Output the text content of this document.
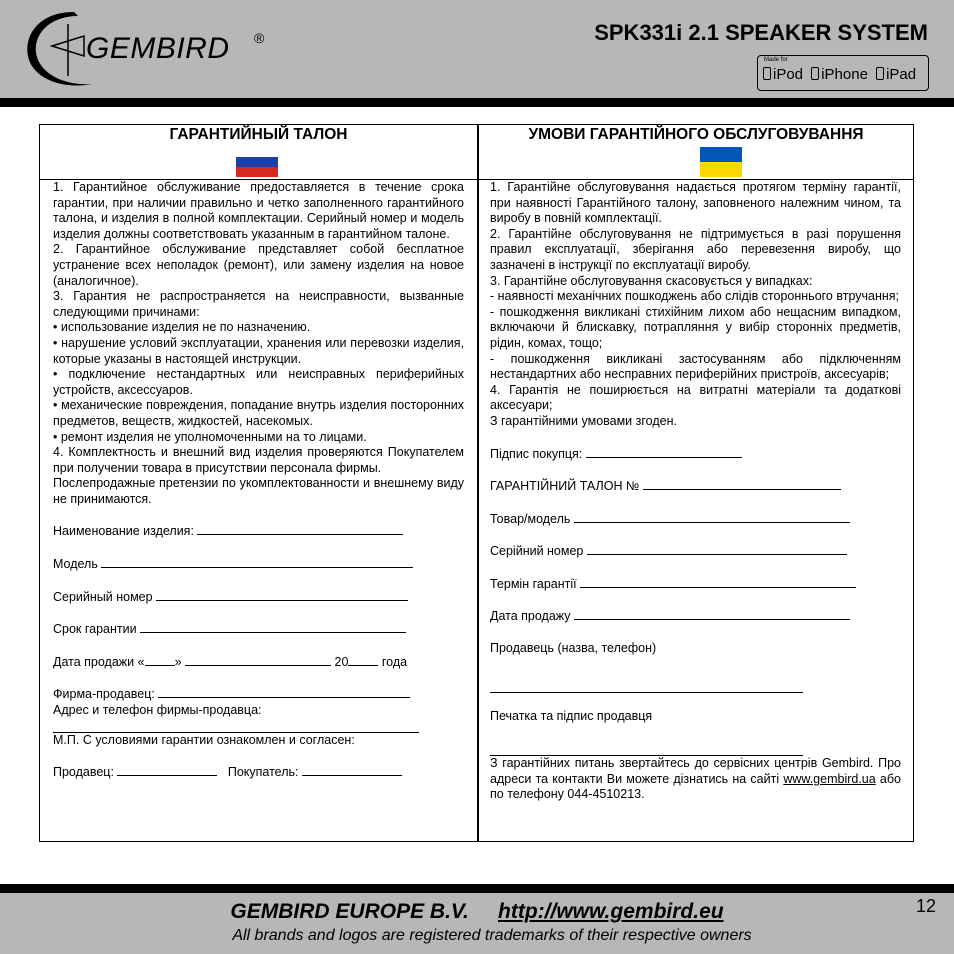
GEMBIRD ®	SPK331i 2.1 SPEAKER SYSTEM
Made for
iPod iPhone iPad
ГАРАНТИЙНЫЙ ТАЛОН	УМОВИ ГАРАНТІЙНОГО ОБСЛУГОВУВАННЯ

1. Гарантийное обслуживание предоставляется в течение срока гарантии, при наличии правильно и четко заполненного гарантийного талона, и изделия в полной комплектации. Серийный номер и модель изделия должны соответствовать указанным в гарантийном талоне.

2. Гарантийное обслуживание представляет собой бесплатное устранение всех неполадок (ремонт), или замену изделия на новое (аналогичное).

3. Гарантия не распространяется на неисправности, вызванные следующими причинами:

• использование изделия не по назначению.

• нарушение условий эксплуатации, хранения или перевозки изделия, которые указаны в настоящей инструкции.

• подключение нестандартных или неисправных периферийных устройств, аксессуаров.

• механические повреждения, попадание внутрь изделия посторонних предметов, веществ, жидкостей, насекомых.

• ремонт изделия не уполномоченными на то лицами.

4. Комплектность и внешний вид изделия проверяются Покупателем при получении товара в присутствии персонала фирмы.

Послепродажные претензии по укомплектованности и внешнему виду не принимаются.

Наименование изделия:

Модель

Серийный номер

Срок гарантии

Дата продажи « »	20	года

Фирма-продавец:

Адрес и телефон фирмы-продавца:

М.П. С условиями гарантии ознакомлен и согласен:

Продавец:	Покупатель:

1. Гарантійне обслуговування надається протягом терміну гарантії, при наявності Гарантійного талону, заповненого належним чином, та виробу в повній комплектації.

2. Гарантійне обслуговування не підтримується в разі порушення правил експлуатації, зберігання або перевезення виробу, що зазначені в інструкції по експлуатації виробу.

3. Гарантійне обслуговування скасовується у випадках:

- наявності механічних пошкоджень або слідів стороннього втручання;

- пошкодження викликані стихійним лихом або нещасним випадком, включаючи й блискавку, потрапляння у вибір сторонніх предметів, рідин, комах, тощо;

- пошкодження викликані застосуванням або підключенням нестандартних або несправних периферійних пристроїв, аксесуарів;

4. Гарантія не поширюється на витратні матеріали та додаткові аксесуари;

З гарантійними умовами згоден.

Підпис покупця:

ГАРАНТІЙНИЙ ТАЛОН №

Товар/модель

Серійний номер

Термін гарантії

Дата продажу

Продавець (назва, телефон)

Печатка та підпис продавця

З гарантійних питань звертайтесь до сервісних центрів Gembird. Про адреси та контакти Ви можете дізнатись на сайті www.gembird.ua або по телефону 044-4510213.

GEMBIRD EUROPE B.V. http://www.gembird.eu
All brands and logos are registered trademarks of their respective owners
12
